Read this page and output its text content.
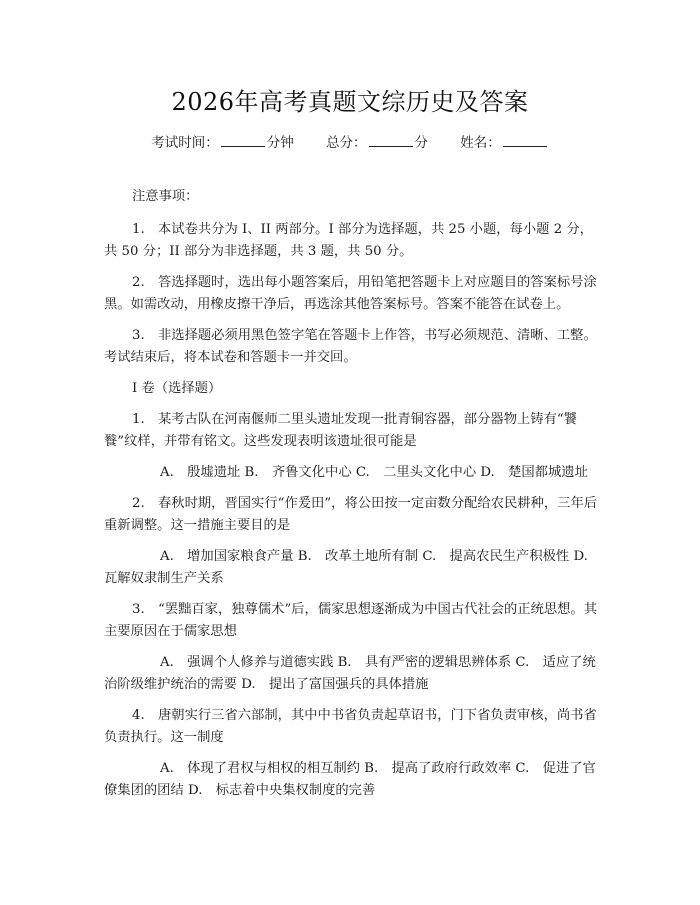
2026年高考真题文综历史及答案
考试时间：	分钟 总分：	分 姓名：

注意事项：

1.　本试卷共分为 I、II 两部分。I 部分为选择题，共 25 小题，每小题 2 分，共 50 分；II 部分为非选择题，共 3 题，共 50 分。

2.　答选择题时，选出每小题答案后，用铅笔把答题卡上对应题目的答案标号涂黑。如需改动，用橡皮擦干净后，再选涂其他答案标号。答案不能答在试卷上。

3.　非选择题必须用黑色签字笔在答题卡上作答，书写必须规范、清晰、工整。考试结束后，将本试卷和答题卡一并交回。

I 卷（选择题）

1.　某考古队在河南偃师二里头遗址发现一批青铜容器，部分器物上铸有“饕餮”纹样，并带有铭文。这些发现表明该遗址很可能是

A.　殷墟遗址 B.　齐鲁文化中心 C.　二里头文化中心 D.　楚国都城遗址

2.　春秋时期，晋国实行“作爰田”，将公田按一定亩数分配给农民耕种，三年后重新调整。这一措施主要目的是

A.　增加国家粮食产量 B.　改革土地所有制 C.　提高农民生产积极性 D.　瓦解奴隶制生产关系

3.　“罢黜百家，独尊儒术”后，儒家思想逐渐成为中国古代社会的正统思想。其主要原因在于儒家思想

A.　强调个人修养与道德实践 B.　具有严密的逻辑思辨体系 C.　适应了统治阶级维护统治的需要 D.　提出了富国强兵的具体措施

4.　唐朝实行三省六部制，其中中书省负责起草诏书，门下省负责审核，尚书省负责执行。这一制度

A.　体现了君权与相权的相互制约 B.　提高了政府行政效率 C.　促进了官僚集团的团结 D.　标志着中央集权制度的完善
